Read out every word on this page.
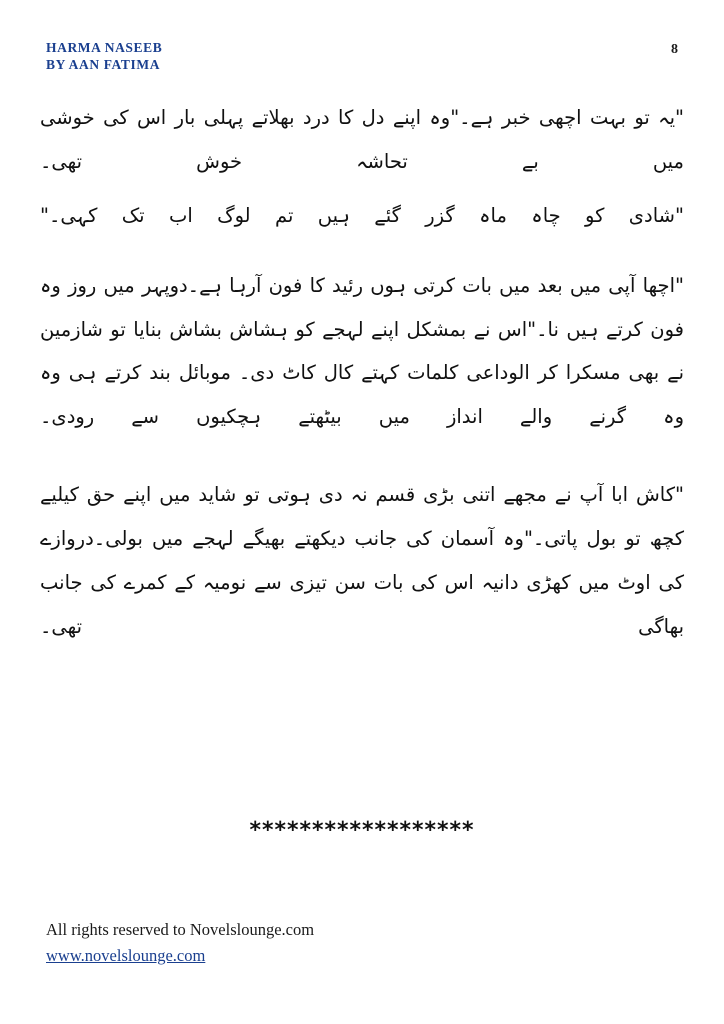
HARMA NASEEB
BY AAN FATIMA
8

"یہ تو بہت اچھی خبر ہے۔"وہ اپنے دل کا درد بھلاتے پہلی بار اس کی خوشی میں بے تحاشہ خوش تھی۔

"شادی کو چاہ ماہ گزر گئے ہیں تم لوگ اب تک کہی۔"

"اچھا آپی میں بعد میں بات کرتی ہوں رئید کا فون آرہا ہے۔دوپہر میں روز وہ فون کرتے ہیں نا۔"اس نے بمشکل اپنے لہجے کو ہشاش بشاش بنایا تو شازمین نے بھی مسکرا کر الوداعی کلمات کہتے کال کاٹ دی۔ موبائل بند کرتے ہی وہ وہ گرنے والے انداز میں بیٹھتے ہچکیوں سے رودی۔

"کاش ابا آپ نے مجھے اتنی بڑی قسم نہ دی ہوتی تو شاید میں اپنے حق کیلیے کچھ تو بول پاتی۔"وہ آسمان کی جانب دیکھتے بھیگے لہجے میں بولی۔دروازے کی اوٹ میں کھڑی دانیہ اس کی بات سن تیزی سے نومیہ کے کمرے کی جانب بھاگی تھی۔

******************
All rights reserved to Novelslounge.com
www.novelslounge.com
